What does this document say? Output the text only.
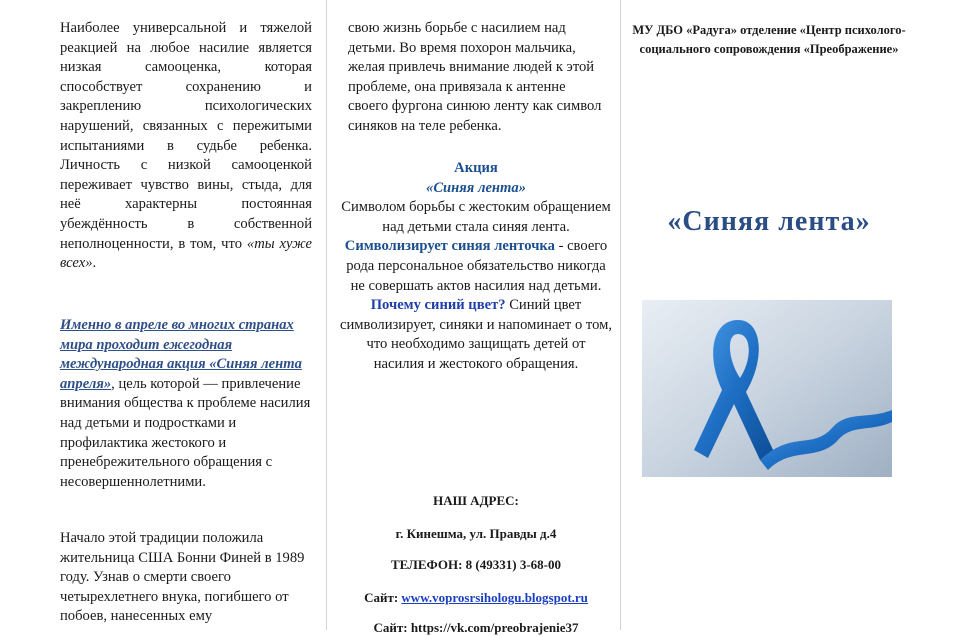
Наиболее универсальной и тяжелой реакцией на любое насилие является низкая самооценка, которая способствует сохранению и закреплению психологических нарушений, связанных с пережитыми испытаниями в судьбе ребенка. Личность с низкой самооценкой переживает чувство вины, стыда, для неё характерны постоянная убеждённость в собственной неполноценности, в том, что «ты хуже всех».

Именно в апреле во многих странах мира проходит ежегодная международная акция «Синяя лента апреля», цель которой — привлечение внимания общества к проблеме насилия над детьми и подростками и профилактика жестокого и пренебрежительного обращения с несовершеннолетними.

Начало этой традиции положила жительница США Бонни Финей в 1989 году. Узнав о смерти своего четырехлетнего внука, погибшего от побоев, нанесенных ему

свою жизнь борьбе с насилием над детьми. Во время похорон мальчика, желая привлечь внимание людей к этой проблеме, она привязала к антенне своего фургона синюю ленту как символ синяков на теле ребенка.

Акция

«Синяя лента»

Символом борьбы с жестоким обращением над детьми стала синяя лента.

Символизирует синяя ленточка - своего рода персональное обязательство никогда не совершать актов насилия над детьми.

Почему синий цвет? Синий цвет символизирует, синяки и напоминает о том, что необходимо защищать детей от насилия и жестокого обращения.

НАШ АДРЕС:
г. Кинешма, ул. Правды д.4
ТЕЛЕФОН: 8 (49331) 3-68-00
Сайт: www.voprosrsihologu.blogspot.ru
Сайт: https://vk.com/preobrajenie37
МУ ДБО «Радуга» отделение «Центр психолого-социального сопровождения «Преображение»
«Синяя лента»
